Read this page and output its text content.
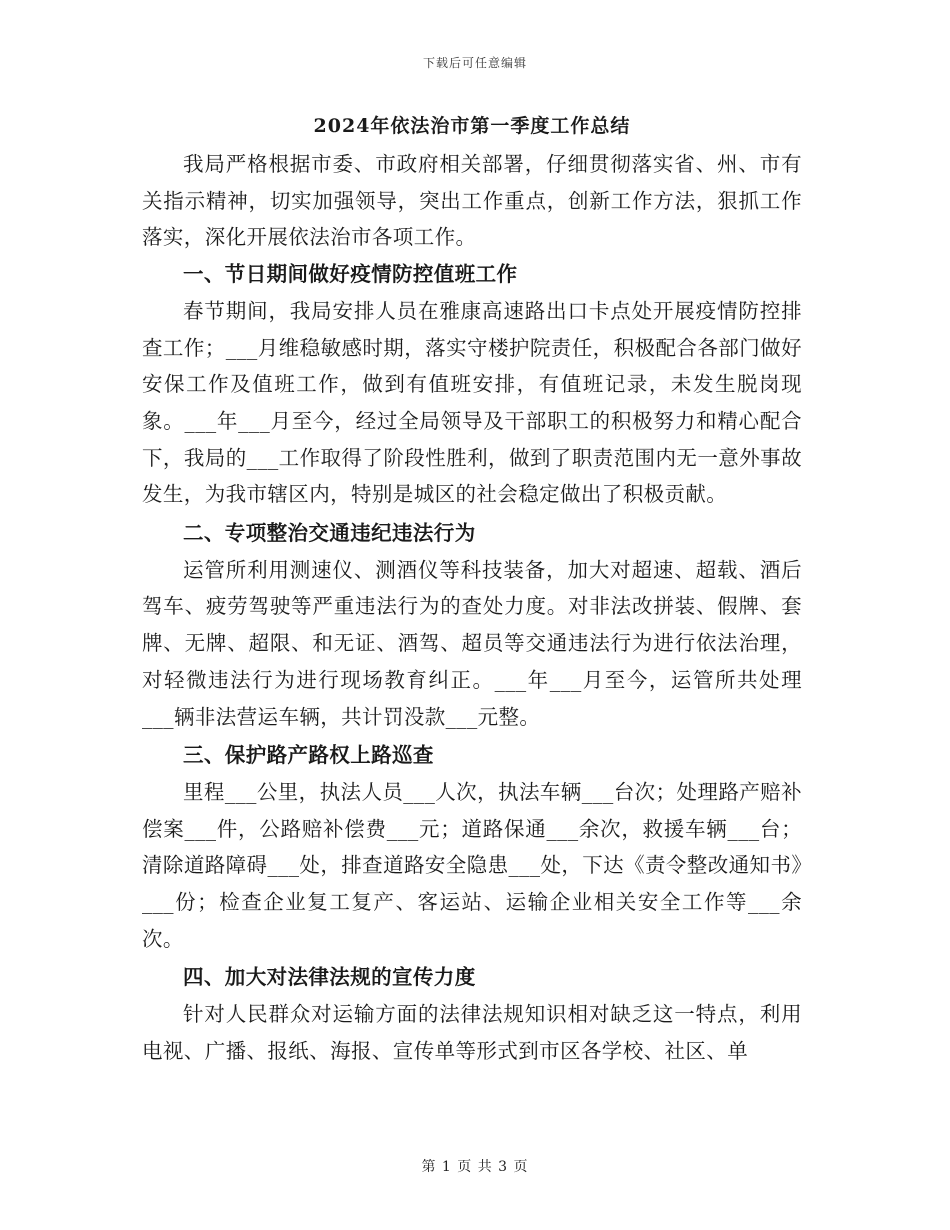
下载后可任意编辑
2024年依法治市第一季度工作总结

我局严格根据市委、市政府相关部署，仔细贯彻落实省、州、市有关指示精神，切实加强领导，突出工作重点，创新工作方法，狠抓工作落实，深化开展依法治市各项工作。

一、节日期间做好疫情防控值班工作

春节期间，我局安排人员在雅康高速路出口卡点处开展疫情防控排查工作；___月维稳敏感时期，落实守楼护院责任，积极配合各部门做好安保工作及值班工作，做到有值班安排，有值班记录，未发生脱岗现象。___年___月至今，经过全局领导及干部职工的积极努力和精心配合下，我局的___工作取得了阶段性胜利，做到了职责范围内无一意外事故发生，为我市辖区内，特别是城区的社会稳定做出了积极贡献。

二、专项整治交通违纪违法行为

运管所利用测速仪、测酒仪等科技装备，加大对超速、超载、酒后驾车、疲劳驾驶等严重违法行为的查处力度。对非法改拼装、假牌、套牌、无牌、超限、和无证、酒驾、超员等交通违法行为进行依法治理，对轻微违法行为进行现场教育纠正。___年___月至今，运管所共处理___辆非法营运车辆，共计罚没款___元整。

三、保护路产路权上路巡查

里程___公里，执法人员___人次，执法车辆___台次；处理路产赔补偿案___件，公路赔补偿费___元；道路保通___余次，救援车辆___台；清除道路障碍___处，排查道路安全隐患___处，下达《责令整改通知书》___份；检查企业复工复产、客运站、运输企业相关安全工作等___余次。

四、加大对法律法规的宣传力度

针对人民群众对运输方面的法律法规知识相对缺乏这一特点，利用电视、广播、报纸、海报、宣传单等形式到市区各学校、社区、单

第 1 页 共 3 页
